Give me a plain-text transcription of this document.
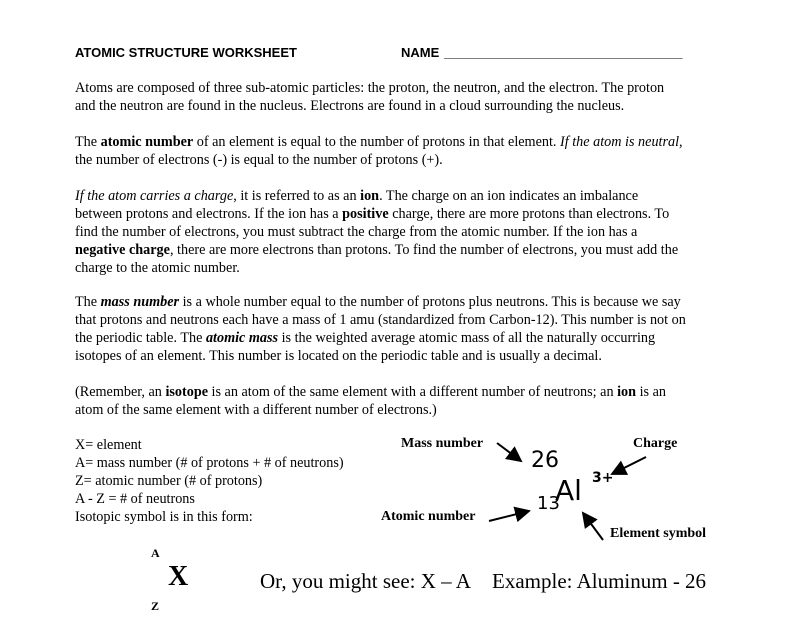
ATOMIC STRUCTURE WORKSHEET	NAME _________________________________

Atoms are composed of three sub-atomic particles: the proton, the neutron, and the electron. The proton

and the neutron are found in the nucleus. Electrons are found in a cloud surrounding the nucleus.

The atomic number of an element is equal to the number of protons in that element. If the atom is neutral,

the number of electrons (-) is equal to the number of protons (+).

If the atom carries a charge, it is referred to as an ion. The charge on an ion indicates an imbalance

between protons and electrons. If the ion has a positive charge, there are more protons than electrons. To

find the number of electrons, you must subtract the charge from the atomic number. If the ion has a

negative charge, there are more electrons than protons. To find the number of electrons, you must add the

charge to the atomic number.

The mass number is a whole number equal to the number of protons plus neutrons. This is because we say

that protons and neutrons each have a mass of 1 amu (standardized from Carbon-12). This number is not on

the periodic table. The atomic mass is the weighted average atomic mass of all the naturally occurring

isotopes of an element. This number is located on the periodic table and is usually a decimal.

(Remember, an isotope is an atom of the same element with a different number of neutrons; an ion is an

atom of the same element with a different number of electrons.)

X= element
A= mass number (# of protons + # of neutrons)
Z= atomic number (# of protons)
A - Z = # of neutrons
Isotopic symbol is in this form:
Mass number	Charge
Atomic number
Element symbol
26
13
Al 3+
A
X
Z
Or, you might see: X – A Example: Aluminum - 26
